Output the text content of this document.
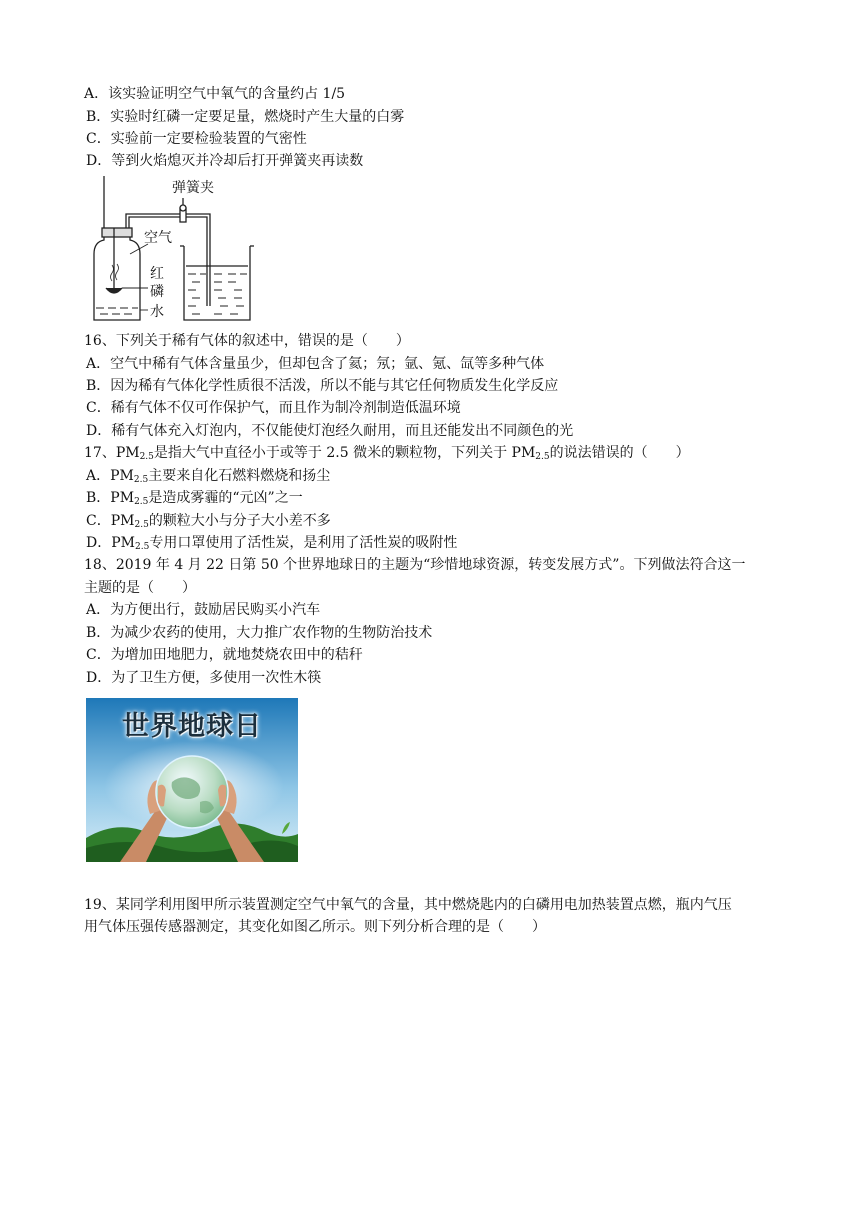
A．该实验证明空气中氧气的含量约占 1/5
B．实验时红磷一定要足量，燃烧时产生大量的白雾
C．实验前一定要检验装置的气密性
D．等到火焰熄灭并冷却后打开弹簧夹再读数
弹簧夹
空气
红
磷
水
16、下列关于稀有气体的叙述中，错误的是（　　）
A．空气中稀有气体含量虽少，但却包含了氦；氖；氩、氪、氙等多种气体
B．因为稀有气体化学性质很不活泼，所以不能与其它任何物质发生化学反应
C．稀有气体不仅可作保护气，而且作为制冷剂制造低温环境
D．稀有气体充入灯泡内，不仅能使灯泡经久耐用，而且还能发出不同颜色的光
17、$PM_{2.5}$是指大气中直径小于或等于 2.5 微米的颗粒物，下列关于 $PM_{2.5}$的说法错误的（　　）
A．$PM_{2.5}$主要来自化石燃料燃烧和扬尘
B．$PM_{2.5}$是造成雾霾的“元凶”之一
C．$PM_{2.5}$的颗粒大小与分子大小差不多
D．$PM_{2.5}$专用口罩使用了活性炭，是利用了活性炭的吸附性
18、2019 年 4 月 22 日第 50 个世界地球日的主题为“珍惜地球资源，转变发展方式”。下列做法符合这一
主题的是（　　）
A．为方便出行，鼓励居民购买小汽车
B．为减少农药的使用，大力推广农作物的生物防治技术
C．为增加田地肥力，就地焚烧农田中的秸秆
D．为了卫生方便，多使用一次性木筷
世界地球日
19、某同学利用图甲所示装置测定空气中氧气的含量，其中燃烧匙内的白磷用电加热装置点燃，瓶内气压
用气体压强传感器测定，其变化如图乙所示。则下列分析合理的是（　　）
